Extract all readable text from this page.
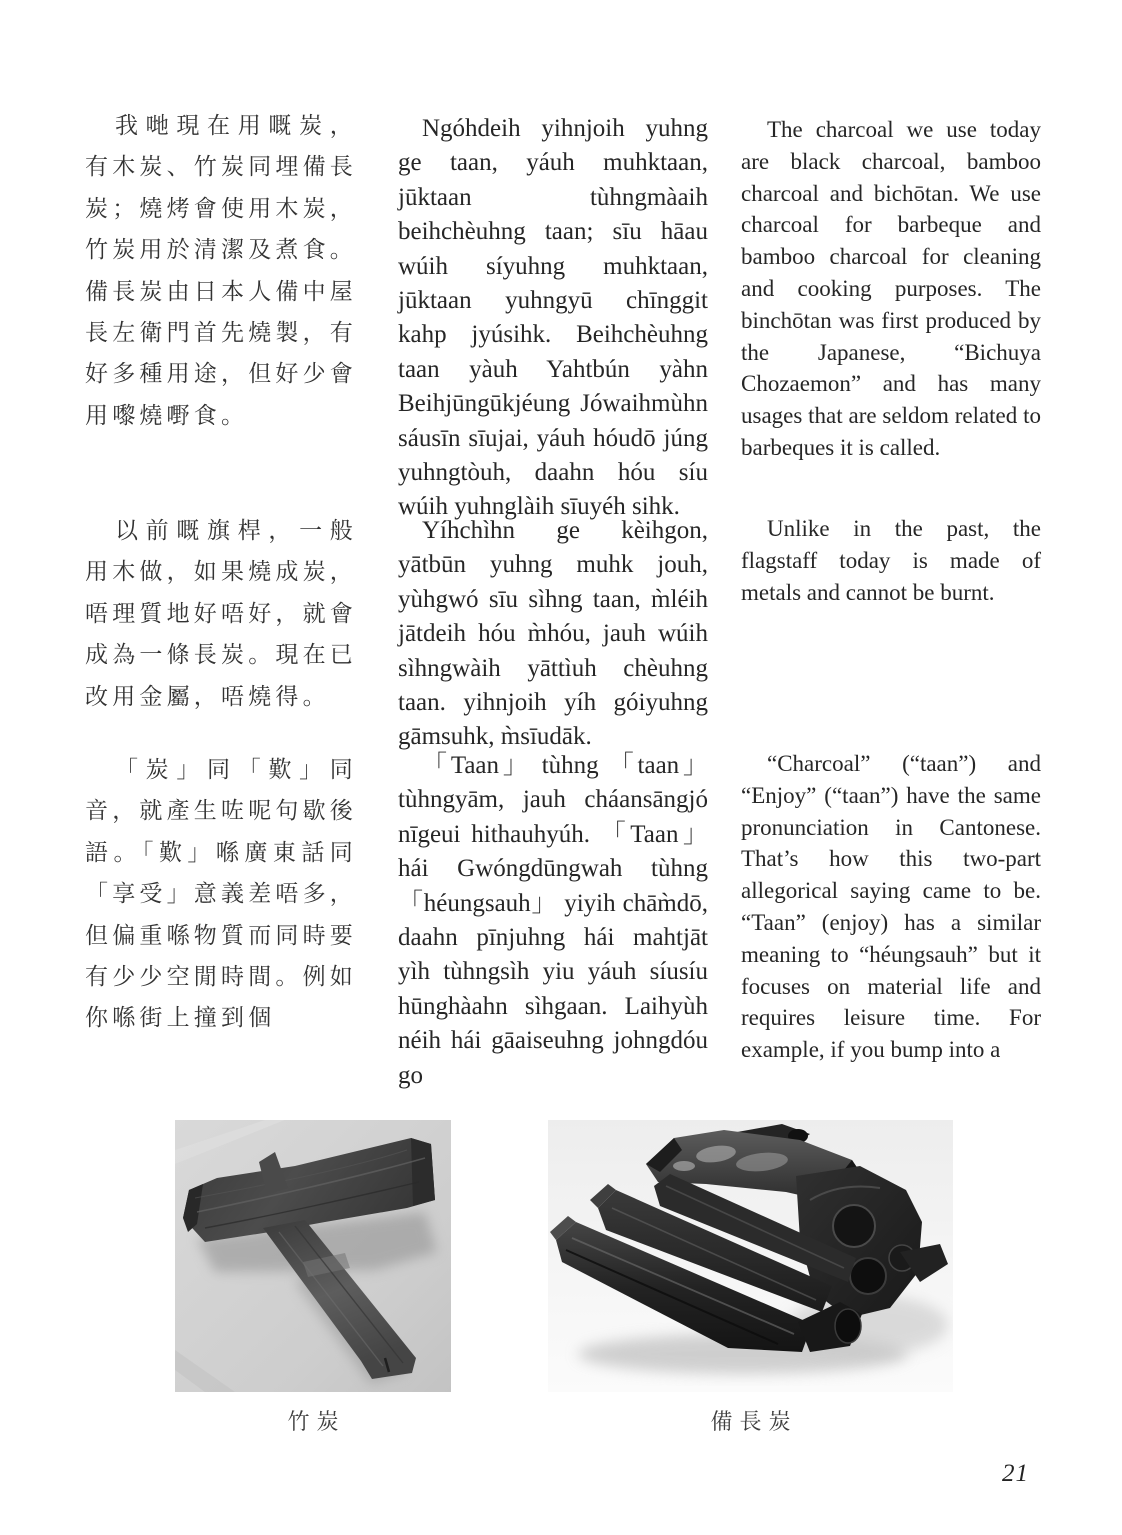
我哋現在用嘅炭，有木炭、竹炭同埋備長炭；燒烤會使用木炭，竹炭用於清潔及煮食。備長炭由日本人備中屋長左衛門首先燒製，有好多種用途，但好少會用嚟燒嘢食。

Ngóhdeih yihnjoih yuhng ge taan, yáuh muhktaan, jūktaan tùhngmàaih beihchèuhng taan; sīu hāau wúih síyuhng muhktaan, jūktaan yuhngyū chīnggit kahp jyúsihk. Beihchèuhng taan yàuh Yahtbún yàhn Beihjūngūkjéung Jówaihmùhn sáusīn sīujai, yáuh hóudō júng yuhngtòuh, daahn hóu síu wúih yuhnglàih sīuyéh sihk.

The charcoal we use today are black charcoal, bamboo charcoal and bichōtan. We use charcoal for barbeque and bamboo charcoal for cleaning and cooking purposes. The binchōtan was first produced by the Japanese, “Bichuya Chozaemon” and has many usages that are seldom related to barbeques it is called.

以前嘅旗桿，一般用木做，如果燒成炭，唔理質地好唔好，就會成為一條長炭。現在已改用金屬，唔燒得。

Yíhchìhn ge kèihgon, yātbūn yuhng muhk jouh, yùhgwó sīu sìhng taan, m̀léih jātdeih hóu m̀hóu, jauh wúih sìhngwàih yāttìuh chèuhng taan. yihnjoih yíh góiyuhng gāmsuhk, m̀sīudāk.

Unlike in the past, the flagstaff today is made of metals and cannot be burnt.

「炭」同「歎」同音，就產生咗呢句歇後語。「歎」喺廣東話同「享受」意義差唔多，但偏重喺物質而同時要有少少空閒時間。例如你喺街上撞到個

「Taan」 tùhng 「taan」 tùhngyām, jauh cháansāngjó nīgeui hithauhyúh. 「Taan」 hái Gwóngdūngwah tùhng 「héungsauh」 yiyih chām̀dō, daahn pīnjuhng hái mahtjāt yìh tùhngsìh yiu yáuh síusíu hūnghàahn sìhgaan. Laihyùh néih hái gāaiseuhng johngdóu go

“Charcoal” (“taan”) and “Enjoy” (“taan”) have the same pronunciation in Cantonese. That’s how this two-part allegorical saying came to be. “Taan” (enjoy) has a similar meaning to “héungsauh” but it focuses on material life and requires leisure time. For example, if you bump into a

竹炭	備長炭
21
